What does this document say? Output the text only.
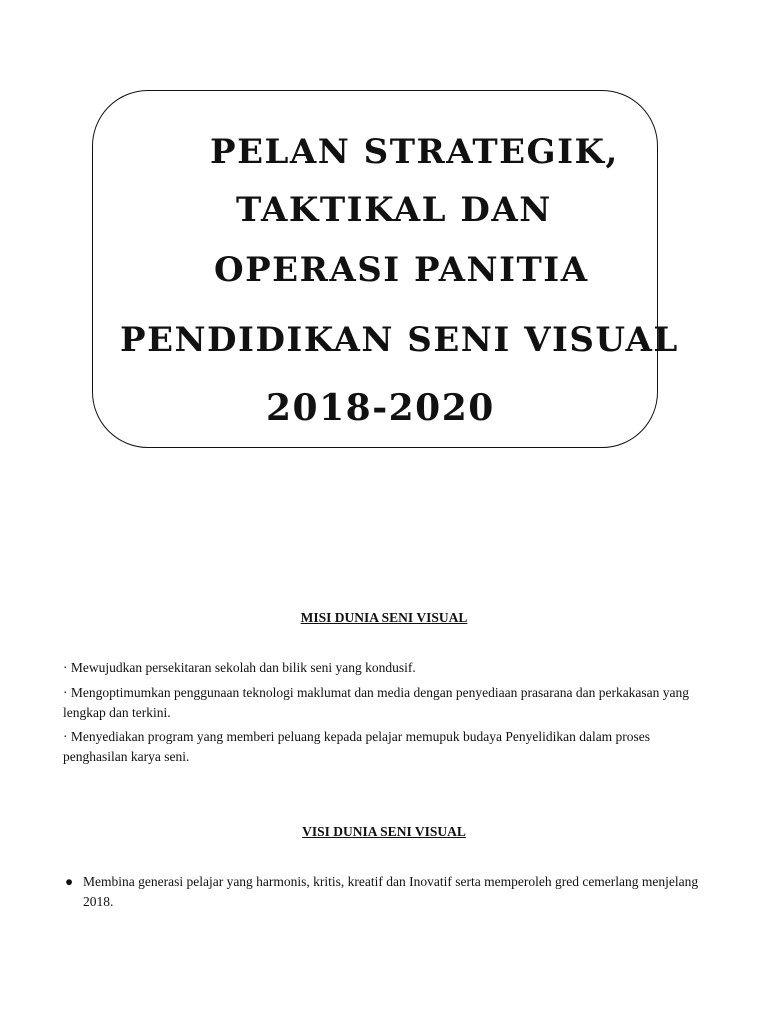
PELAN STRATEGIK,
TAKTIKAL DAN
OPERASI PANITIA
PENDIDIKAN SENI VISUAL
2018-2020
MISI DUNIA SENI VISUAL

· Mewujudkan persekitaran sekolah dan bilik seni yang kondusif.

· Mengoptimumkan penggunaan teknologi maklumat dan media dengan penyediaan prasarana dan perkakasan yang lengkap dan terkini.

· Menyediakan program yang memberi peluang kepada pelajar memupuk budaya Penyelidikan dalam proses penghasilan karya seni.

VISI DUNIA SENI VISUAL
● Membina generasi pelajar yang harmonis, kritis, kreatif dan Inovatif serta memperoleh gred cemerlang menjelang 2018.
